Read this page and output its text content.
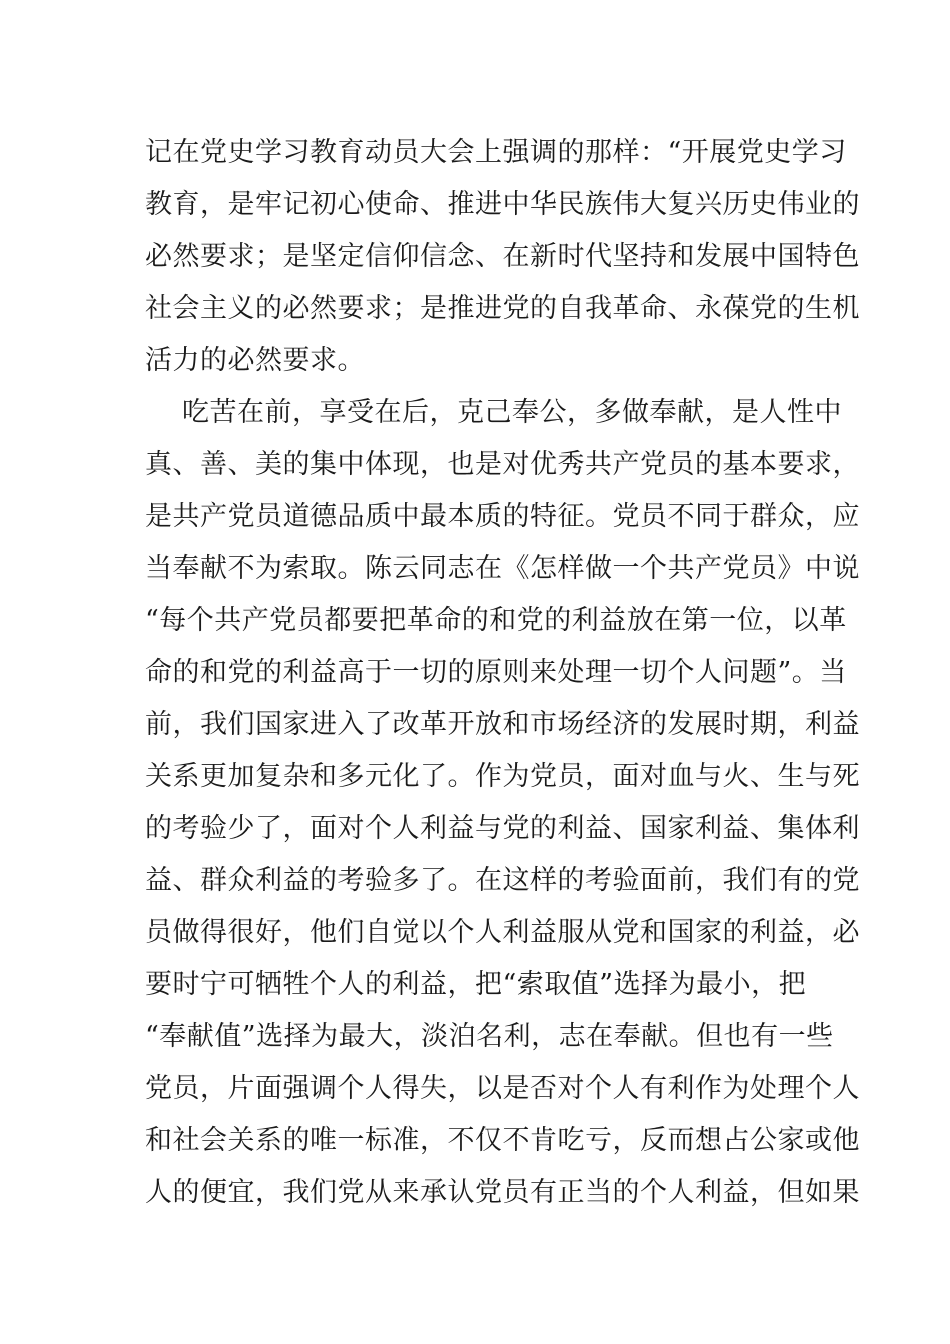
记在党史学习教育动员大会上强调的那样：“开展党史学习
教育，是牢记初心使命、推进中华民族伟大复兴历史伟业的
必然要求；是坚定信仰信念、在新时代坚持和发展中国特色
社会主义的必然要求；是推进党的自我革命、永葆党的生机
活力的必然要求。
吃苦在前，享受在后，克己奉公，多做奉献，是人性中
真、善、美的集中体现，也是对优秀共产党员的基本要求，
是共产党员道德品质中最本质的特征。党员不同于群众，应
当奉献不为索取。陈云同志在《怎样做一个共产党员》中说
“每个共产党员都要把革命的和党的利益放在第一位，以革
命的和党的利益高于一切的原则来处理一切个人问题”。当
前，我们国家进入了改革开放和市场经济的发展时期，利益
关系更加复杂和多元化了。作为党员，面对血与火、生与死
的考验少了，面对个人利益与党的利益、国家利益、集体利
益、群众利益的考验多了。在这样的考验面前，我们有的党
员做得很好，他们自觉以个人利益服从党和国家的利益，必
要时宁可牺牲个人的利益，把“索取值”选择为最小，把
“奉献值”选择为最大，淡泊名利，志在奉献。但也有一些
党员，片面强调个人得失，以是否对个人有利作为处理个人
和社会关系的唯一标准，不仅不肯吃亏，反而想占公家或他
人的便宜，我们党从来承认党员有正当的个人利益，但如果
